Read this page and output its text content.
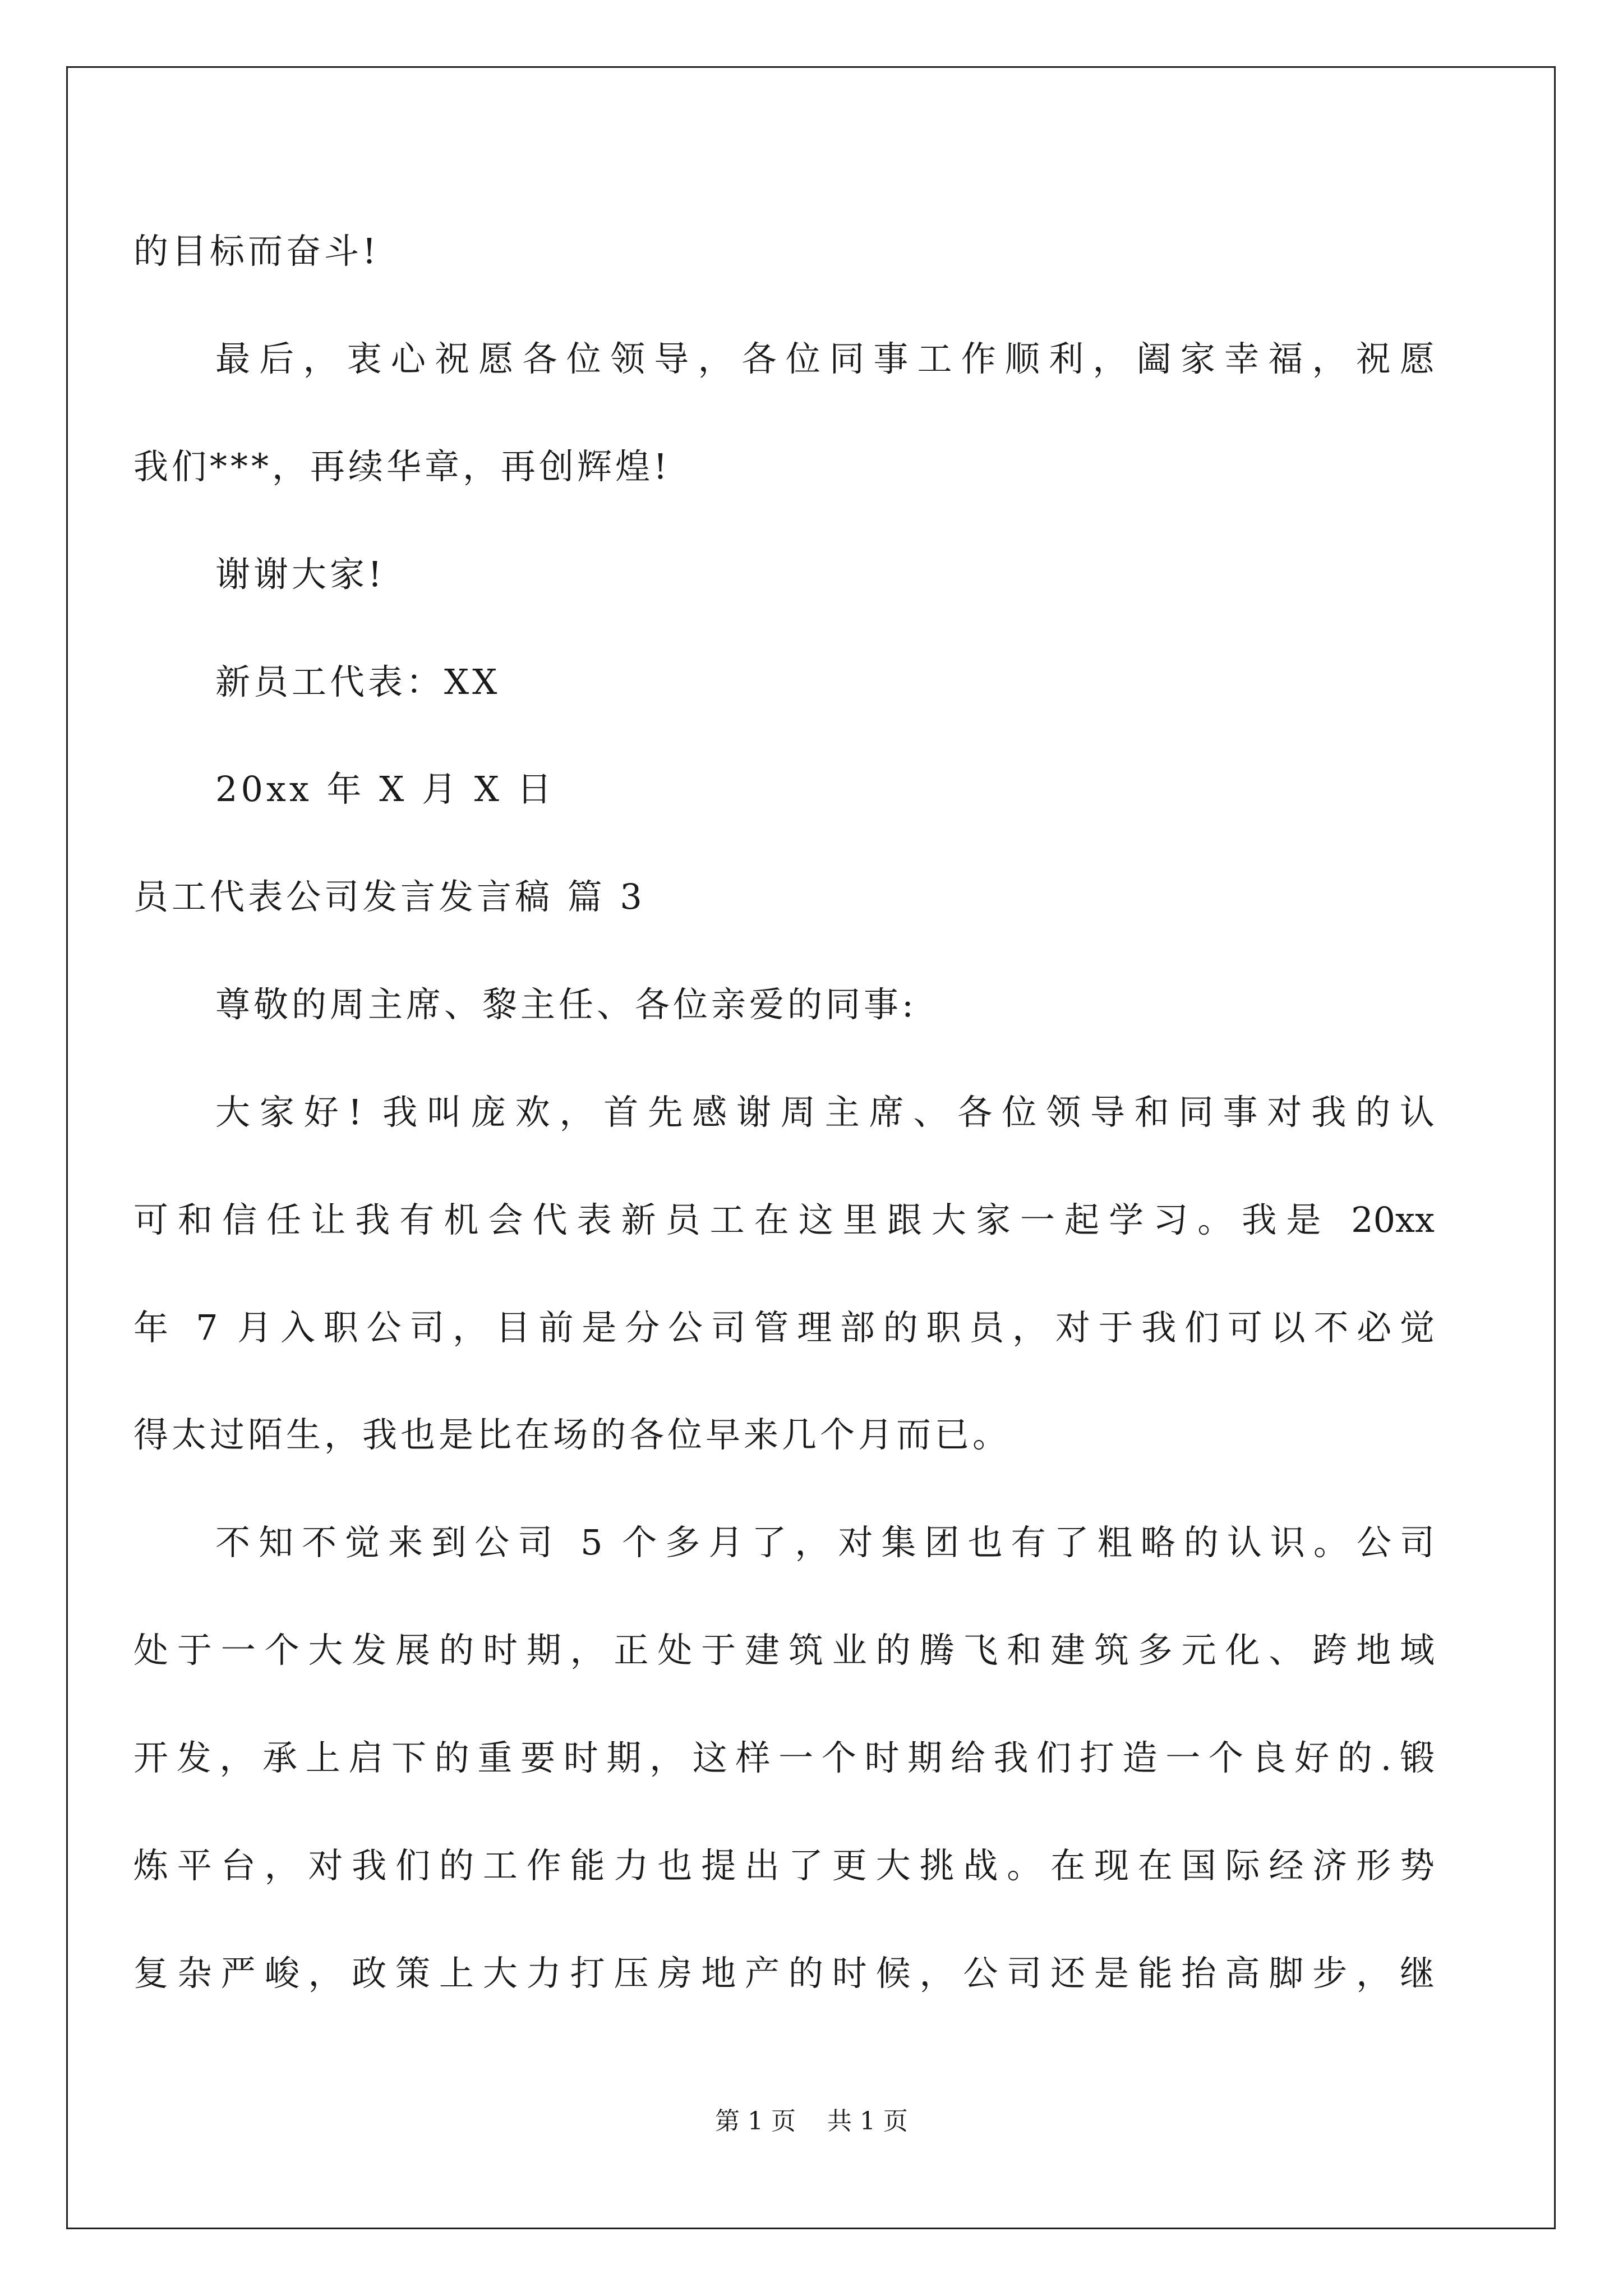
的目标而奋斗!
最后，衷心祝愿各位领导，各位同事工作顺利，阖家幸福，祝愿
我们***，再续华章，再创辉煌!
谢谢大家!
新员工代表：XX
20xx 年 X 月 X 日
员工代表公司发言发言稿 篇 3
尊敬的周主席、黎主任、各位亲爱的同事:
大家好! 我叫庞欢，首先感谢周主席、各位领导和同事对我的认
可和信任让我有机会代表新员工在这里跟大家一起学习。我是 20xx
年 7 月入职公司，目前是分公司管理部的职员，对于我们可以不必觉
得太过陌生，我也是比在场的各位早来几个月而已。
不知不觉来到公司 5 个多月了，对集团也有了粗略的认识。公司
处于一个大发展的时期，正处于建筑业的腾飞和建筑多元化、跨地域
开发，承上启下的重要时期，这样一个时期给我们打造一个良好的.锻
炼平台，对我们的工作能力也提出了更大挑战。在现在国际经济形势
复杂严峻，政策上大力打压房地产的时候，公司还是能抬高脚步，继
第 1 页    共 1 页
